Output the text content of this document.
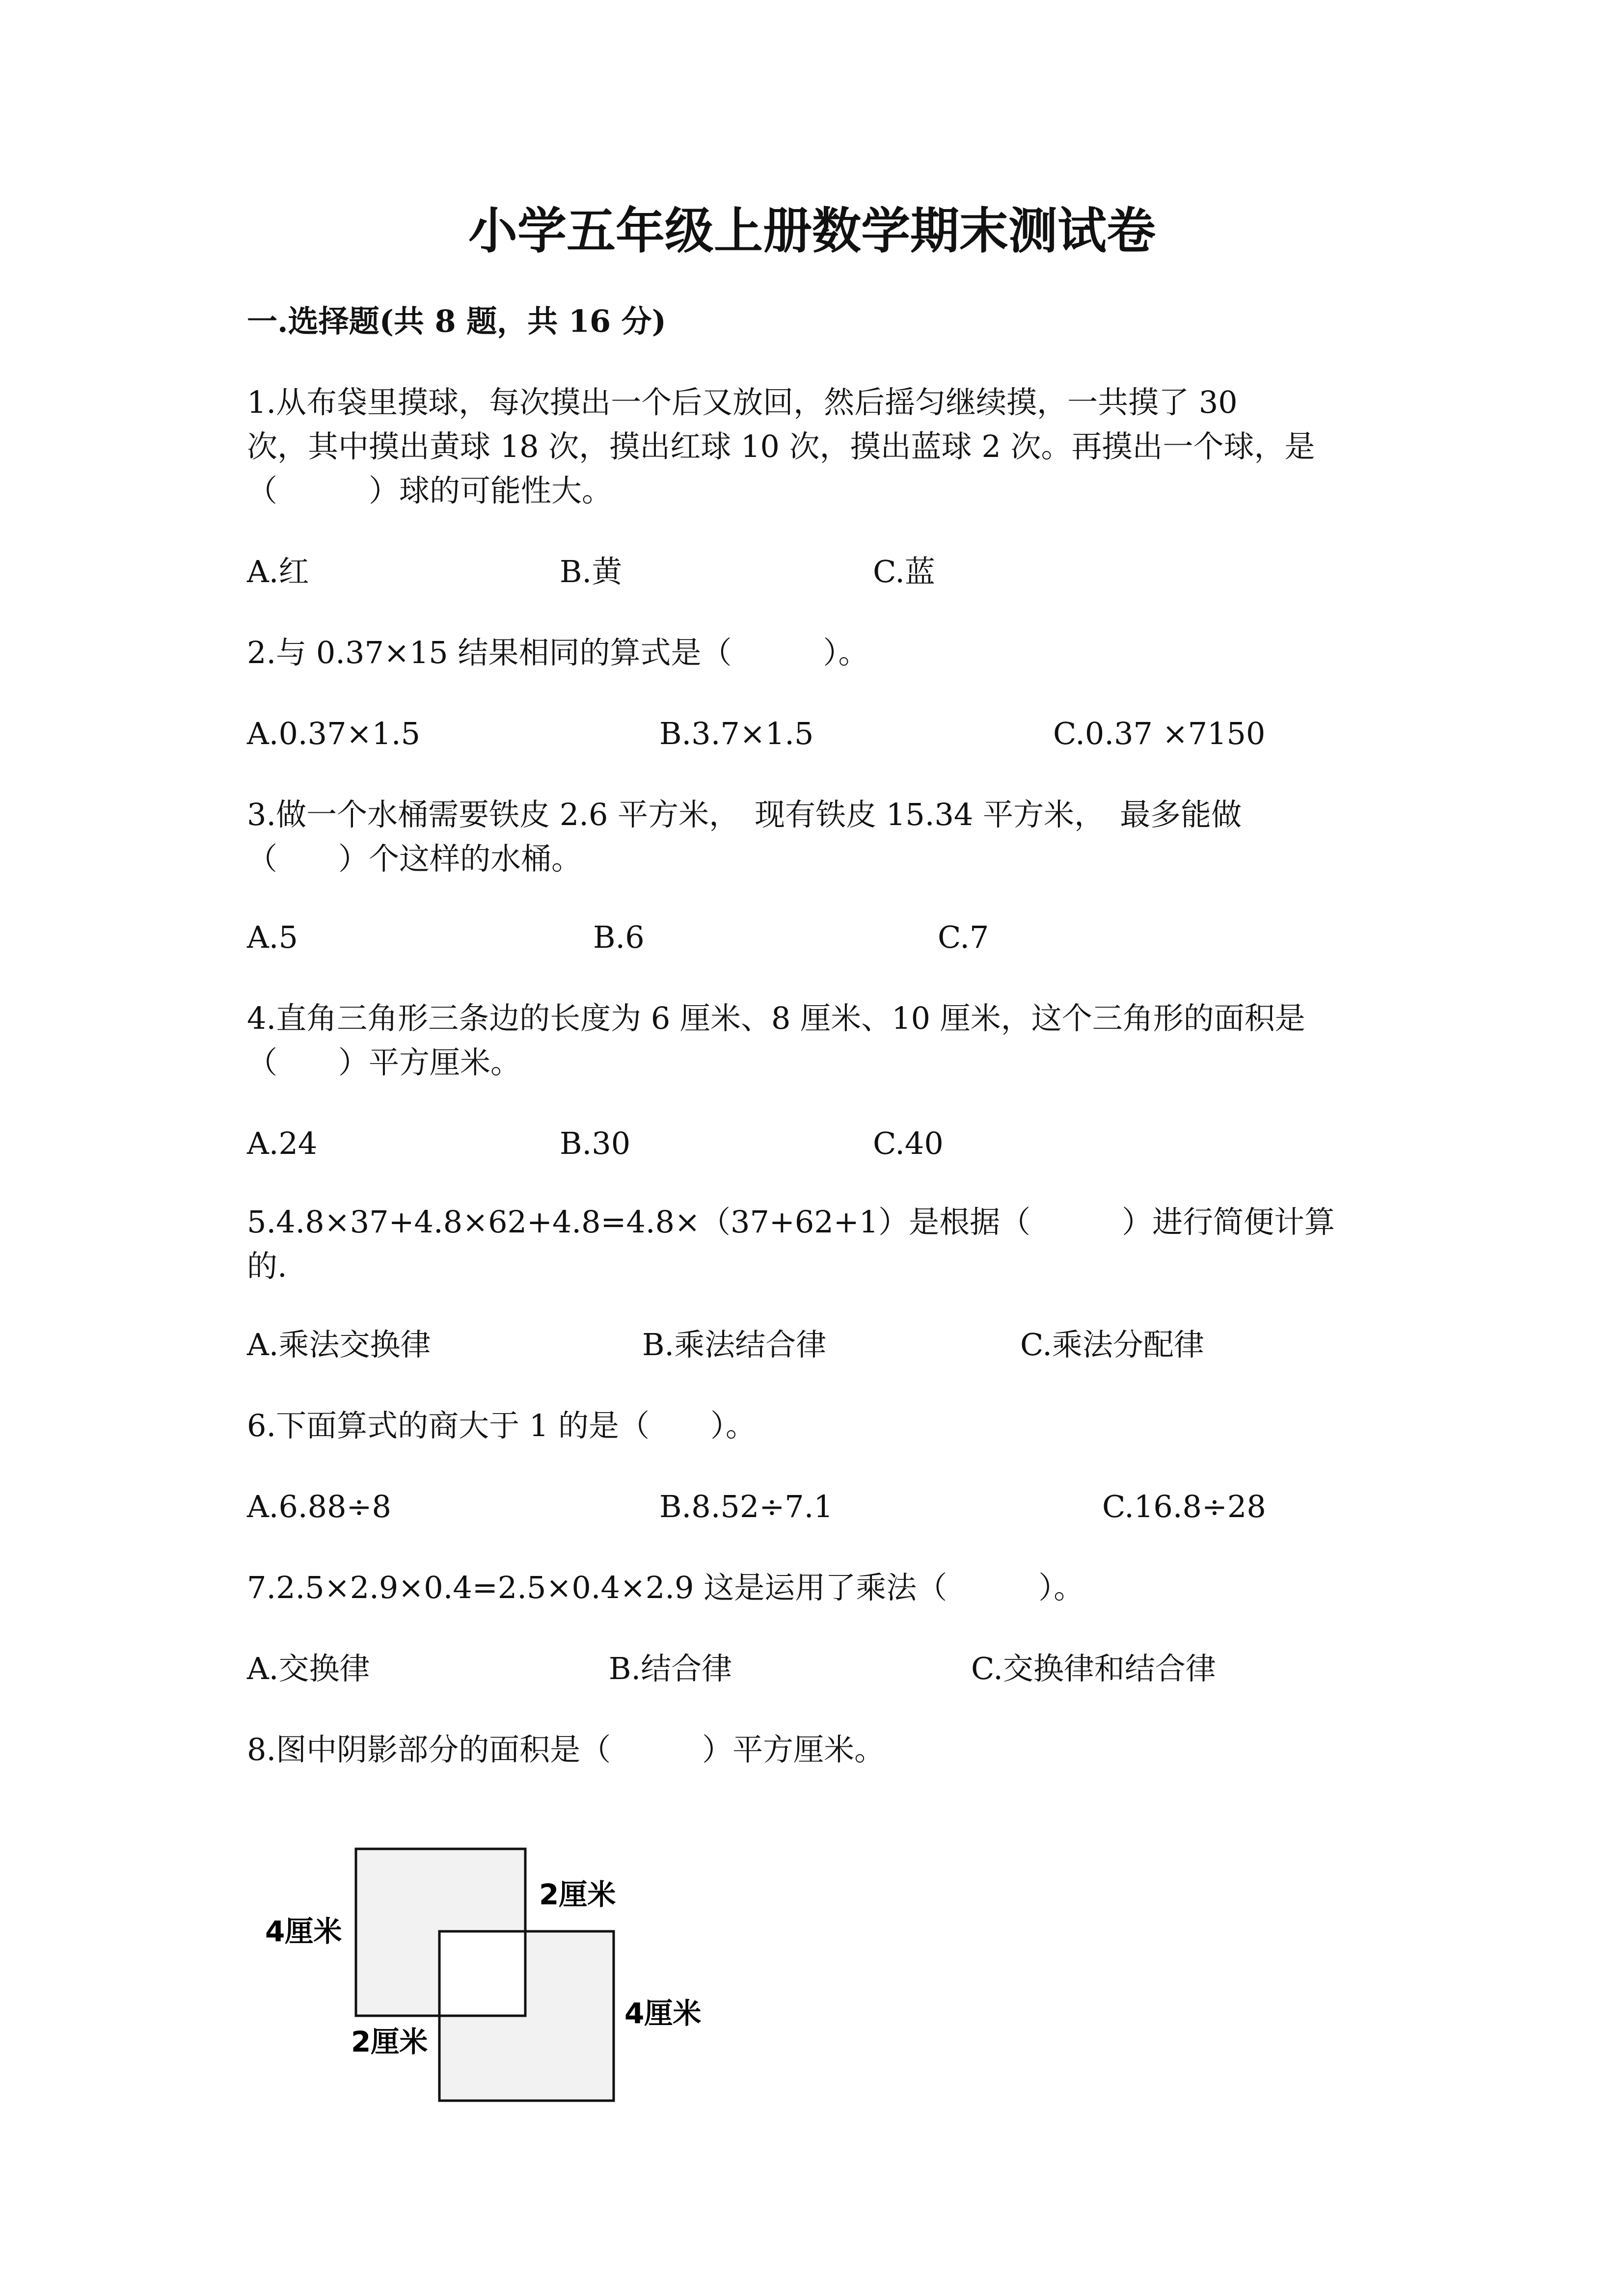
小学五年级上册数学期末测试卷
一.选择题(共 8 题，共 16 分)
1.从布袋里摸球，每次摸出一个后又放回，然后摇匀继续摸，一共摸了 30
次，其中摸出黄球 18 次，摸出红球 10 次，摸出蓝球 2 次。再摸出一个球，是
（　　　）球的可能性大。
A.红	B.黄	C.蓝
2.与 0.37×15 结果相同的算式是（　　　）。
A.0.37×1.5	B.3.7×1.5	C.0.37 ×7150
3.做一个水桶需要铁皮 2.6 平方米，　现有铁皮 15.34 平方米，　最多能做
（　　）个这样的水桶。
A.5	B.6	C.7
4.直角三角形三条边的长度为 6 厘米、8 厘米、10 厘米，这个三角形的面积是
（　　）平方厘米。
A.24	B.30	C.40
5.4.8×37+4.8×62+4.8=4.8×（37+62+1）是根据（　　　）进行简便计算
的.
A.乘法交换律	B.乘法结合律	C.乘法分配律
6.下面算式的商大于 1 的是（　　）。
A.6.88÷8	B.8.52÷7.1	C.16.8÷28
7.2.5×2.9×0.4=2.5×0.4×2.9 这是运用了乘法（　　　）。
A.交换律	B.结合律	C.交换律和结合律
8.图中阴影部分的面积是（　　　）平方厘米。
4厘米
2厘米
2厘米
4厘米
